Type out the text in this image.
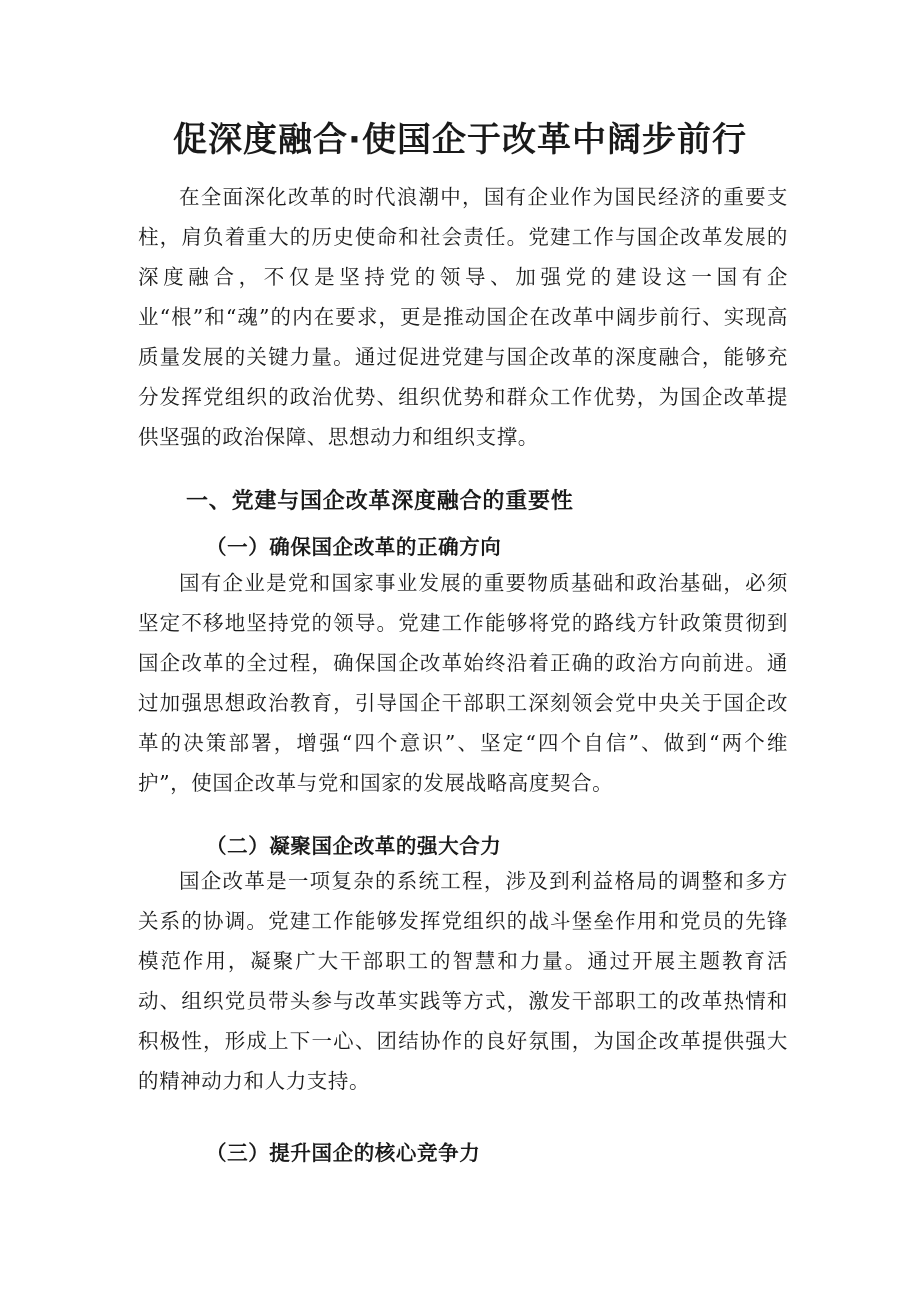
促深度融合·使国企于改革中阔步前行

在全面深化改革的时代浪潮中，国有企业作为国民经济的重要支柱，肩负着重大的历史使命和社会责任。党建工作与国企改革发展的深度融合，不仅是坚持党的领导、加强党的建设这一国有企业“根”和“魂”的内在要求，更是推动国企在改革中阔步前行、实现高质量发展的关键力量。通过促进党建与国企改革的深度融合，能够充分发挥党组织的政治优势、组织优势和群众工作优势，为国企改革提供坚强的政治保障、思想动力和组织支撑。

一、党建与国企改革深度融合的重要性
（一）确保国企改革的正确方向

国有企业是党和国家事业发展的重要物质基础和政治基础，必须坚定不移地坚持党的领导。党建工作能够将党的路线方针政策贯彻到国企改革的全过程，确保国企改革始终沿着正确的政治方向前进。通过加强思想政治教育，引导国企干部职工深刻领会党中央关于国企改革的决策部署，增强“四个意识”、坚定“四个自信”、做到“两个维护”，使国企改革与党和国家的发展战略高度契合。

（二）凝聚国企改革的强大合力

国企改革是一项复杂的系统工程，涉及到利益格局的调整和多方关系的协调。党建工作能够发挥党组织的战斗堡垒作用和党员的先锋模范作用，凝聚广大干部职工的智慧和力量。通过开展主题教育活动、组织党员带头参与改革实践等方式，激发干部职工的改革热情和积极性，形成上下一心、团结协作的良好氛围，为国企改革提供强大的精神动力和人力支持。

（三）提升国企的核心竞争力
